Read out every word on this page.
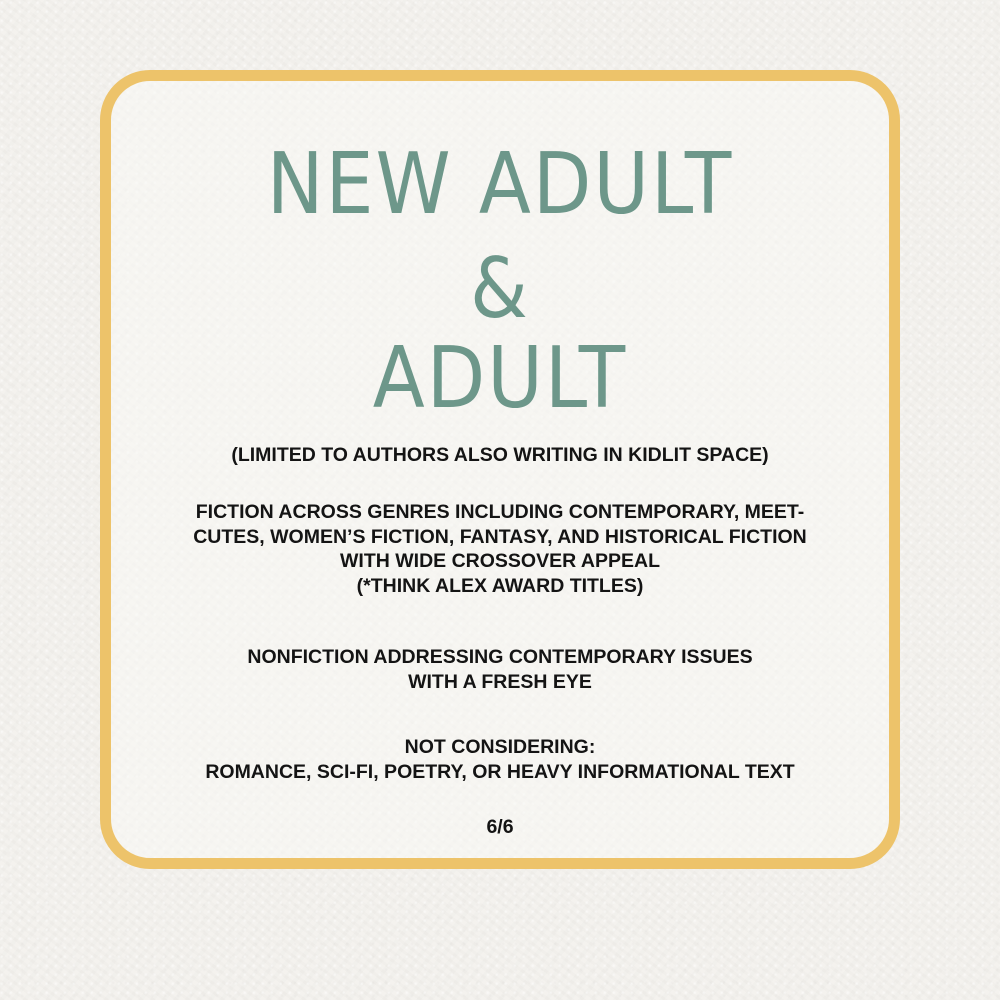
NEW ADULT
&
ADULT

(LIMITED TO AUTHORS ALSO WRITING IN KIDLIT SPACE)

FICTION ACROSS GENRES INCLUDING CONTEMPORARY, MEET-
CUTES, WOMEN’S FICTION, FANTASY, AND HISTORICAL FICTION
WITH WIDE CROSSOVER APPEAL
(*THINK ALEX AWARD TITLES)

NONFICTION ADDRESSING CONTEMPORARY ISSUES
WITH A FRESH EYE

NOT CONSIDERING:
ROMANCE, SCI-FI, POETRY, OR HEAVY INFORMATIONAL TEXT

6/6
